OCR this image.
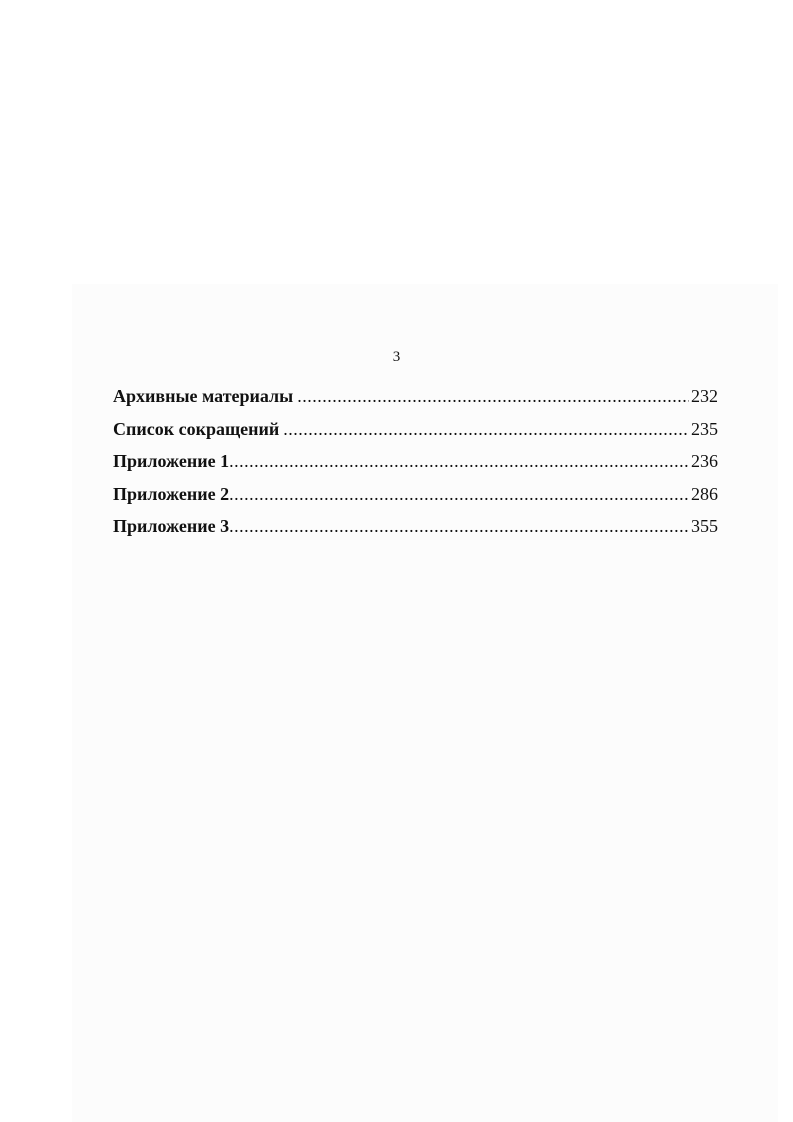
3
Архивные материалы .....	232
Список сокращений .....	235
Приложение 1 .....	236
Приложение 2 .....	286
Приложение 3 .....	355
